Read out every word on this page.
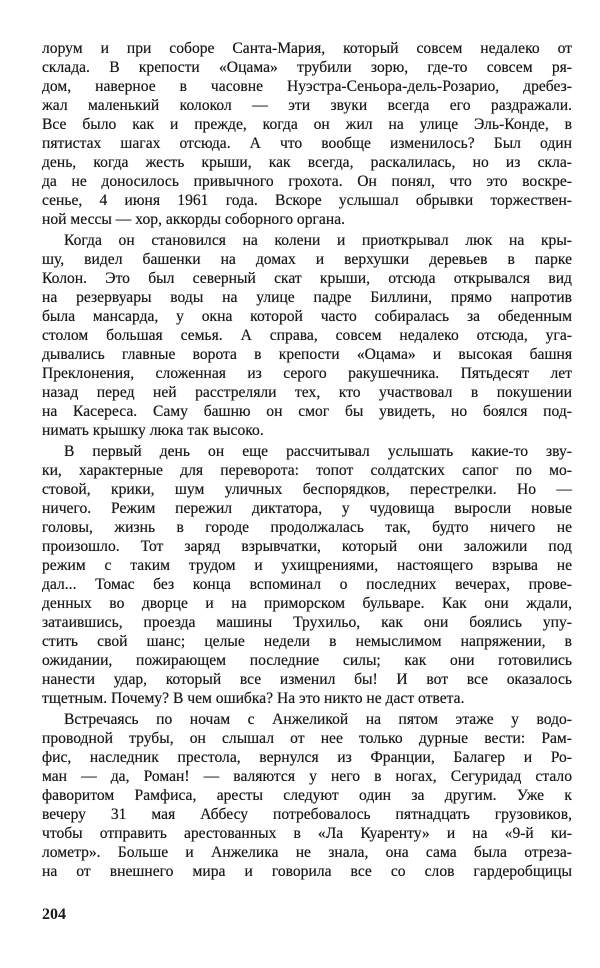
лорум и при соборе Санта-Мария, который совсем недалеко от
склада. В крепости «Оцама» трубили зорю, где-то совсем ря-
дом, наверное в часовне Нуэстра-Сеньора-дель-Розарио, дребез-
жал маленький колокол — эти звуки всегда его раздражали.
Все было как и прежде, когда он жил на улице Эль-Конде, в
пятистах шагах отсюда. А что вообще изменилось? Был один
день, когда жесть крыши, как всегда, раскалилась, но из скла-
да не доносилось привычного грохота. Он понял, что это воскре-
сенье, 4 июня 1961 года. Вскоре услышал обрывки торжествен-
ной мессы — хор, аккорды соборного органа.
Когда он становился на колени и приоткрывал люк на кры-
шу, видел башенки на домах и верхушки деревьев в парке
Колон. Это был северный скат крыши, отсюда открывался вид
на резервуары воды на улице падре Биллини, прямо напротив
была мансарда, у окна которой часто собиралась за обеденным
столом большая семья. А справа, совсем недалеко отсюда, уга-
дывались главные ворота в крепости «Оцама» и высокая башня
Преклонения, сложенная из серого ракушечника. Пятьдесят лет
назад перед ней расстреляли тех, кто участвовал в покушении
на Касереса. Саму башню он смог бы увидеть, но боялся под-
нимать крышку люка так высоко.
В первый день он еще рассчитывал услышать какие-то зву-
ки, характерные для переворота: топот солдатских сапог по мо-
стовой, крики, шум уличных беспорядков, перестрелки. Но —
ничего. Режим пережил диктатора, у чудовища выросли новые
головы, жизнь в городе продолжалась так, будто ничего не
произошло. Тот заряд взрывчатки, который они заложили под
режим с таким трудом и ухищрениями, настоящего взрыва не
дал... Томас без конца вспоминал о последних вечерах, прове-
денных во дворце и на приморском бульваре. Как они ждали,
затаившись, проезда машины Трухильо, как они боялись упу-
стить свой шанс; целые недели в немыслимом напряжении, в
ожидании, пожирающем последние силы; как они готовились
нанести удар, который все изменил бы! И вот все оказалось
тщетным. Почему? В чем ошибка? На это никто не даст ответа.
Встречаясь по ночам с Анжеликой на пятом этаже у водо-
проводной трубы, он слышал от нее только дурные вести: Рам-
фис, наследник престола, вернулся из Франции, Балагер и Ро-
ман — да, Роман! — валяются у него в ногах, Сегуридад стало
фаворитом Рамфиса, аресты следуют один за другим. Уже к
вечеру 31 мая Аббесу потребовалось пятнадцать грузовиков,
чтобы отправить арестованных в «Ла Куаренту» и на «9-й ки-
лометр». Больше и Анжелика не знала, она сама была отреза-
на от внешнего мира и говорила все со слов гардеробщицы
204
